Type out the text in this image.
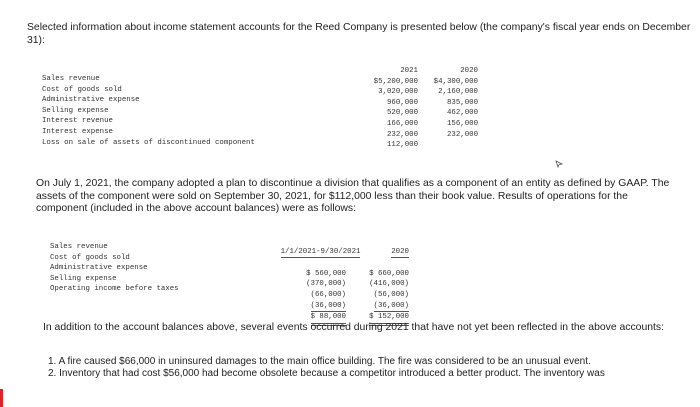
Selected information about income statement accounts for the Reed Company is presented below (the company's fiscal year ends on December 31):
Sales revenue
Cost of goods sold
Administrative expense
Selling expense
Interest revenue
Interest expense
Loss on sale of assets of discontinued component
2021
$5,200,000
3,020,000
960,000
520,000
166,000
232,000
112,000
2020
$4,300,000
2,160,000
835,000
462,000
156,000
232,000
On July 1, 2021, the company adopted a plan to discontinue a division that qualifies as a component of an entity as defined by GAAP. The assets of the component were sold on September 30, 2021, for $112,000 less than their book value. Results of operations for the component (included in the above account balances) were as follows:
Sales revenue
Cost of goods sold
Administrative expense
Selling expense
Operating income before taxes

1/1/2021-9/30/2021

$ 560,000
(370,000)
(66,000)
(36,000)
$ 88,000

2020

$ 660,000
(416,000)
(56,000)
(36,000)
$ 152,000
In addition to the account balances above, several events occurred during 2021 that have not yet been reflected in the above accounts:
1. A fire caused $66,000 in uninsured damages to the main office building. The fire was considered to be an unusual event.
2. Inventory that had cost $56,000 had become obsolete because a competitor introduced a better product. The inventory was
